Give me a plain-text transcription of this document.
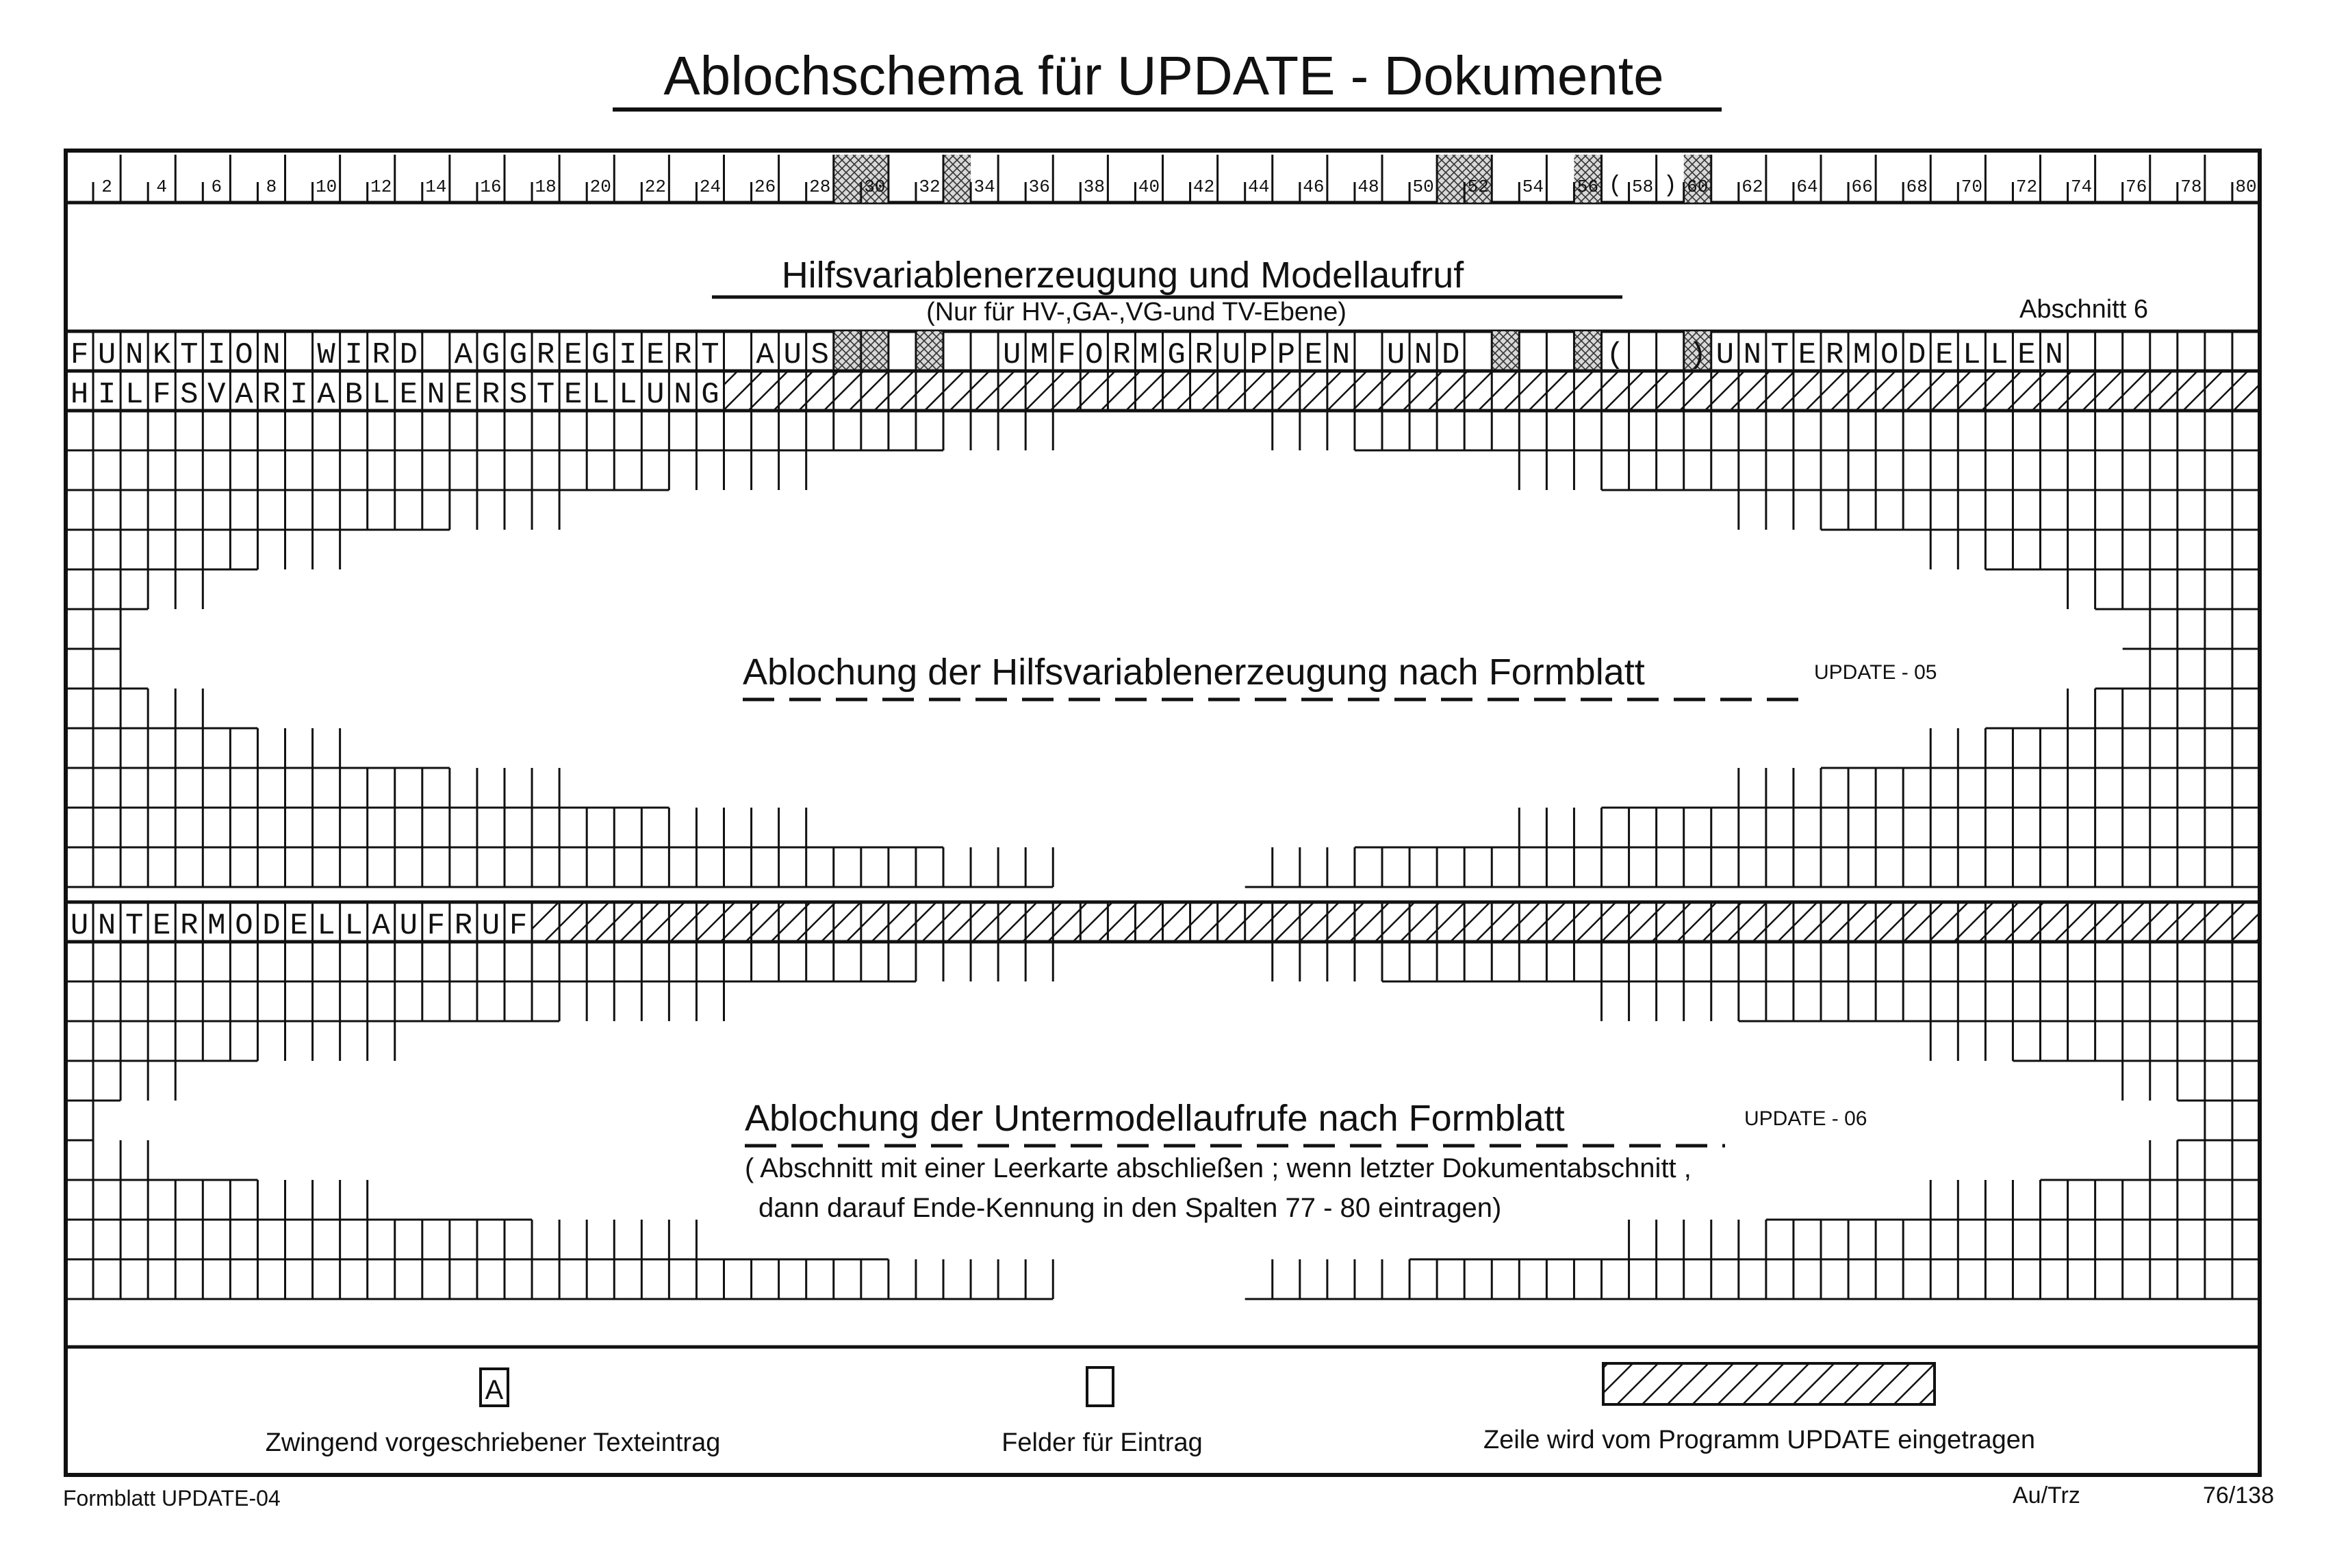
Ablochschema für UPDATE - Dokumente
2 4 6 8 10 12 14 16 18 20 22 24 26 28 30 32 34 36 38 40 42 44 46 48 50 52 54 56 58 60 62 64 66 68 70 72 74 76 78 80
( )
Hilfsvariablenerzeugung und Modellaufruf
(Nur für HV-,GA-,VG-und TV-Ebene)	Abschnitt 6
F U N K T I O N W I R D A G G R E G I E R T A U S	U M F O R M G R U P P E N U N D	( ) U N T E R M O D E L L E N
H I L F S V A R I A B L E N E R S T E L L U N G
U N T E R M O D E L L A U F R U F
Ablochung der Hilfsvariablenerzeugung nach Formblatt	UPDATE - 05
Ablochung der Untermodellaufrufe nach Formblatt	UPDATE - 06
( Abschnitt mit einer Leerkarte abschließen ; wenn letzter Dokumentabschnitt ,
dann darauf Ende-Kennung in den Spalten 77 - 80 eintragen)
A
Zwingend vorgeschriebener Texteintrag	Felder für Eintrag	Zeile wird vom Programm UPDATE eingetragen
Formblatt UPDATE-04	Au/Trz	76/138
